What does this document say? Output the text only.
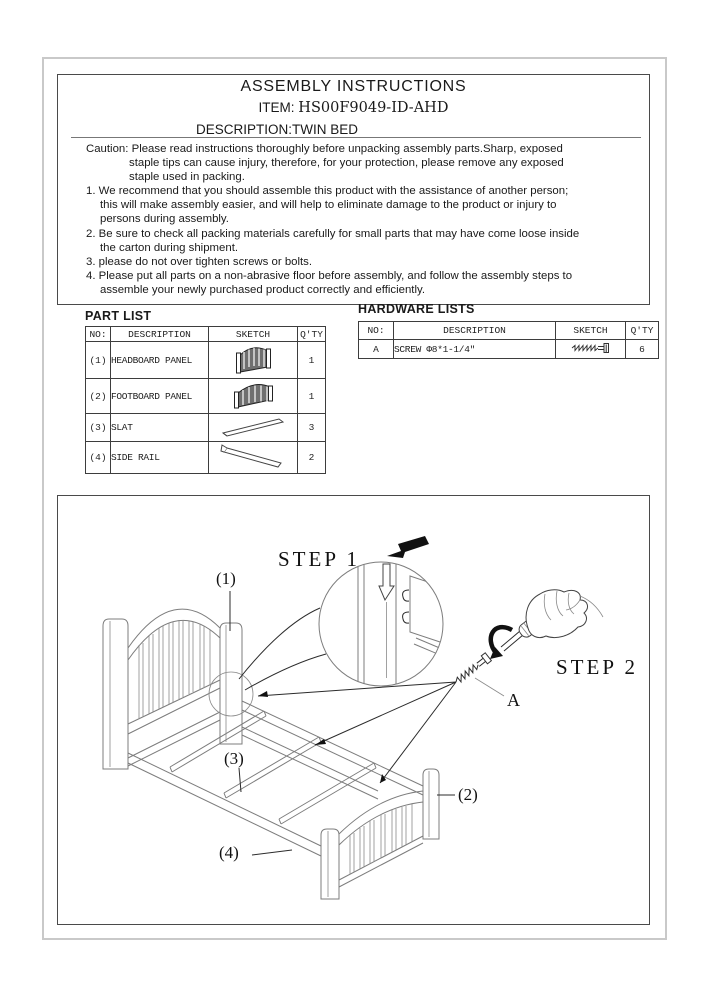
ASSEMBLY INSTRUCTIONS
ITEM: HS00F9049-ID-AHD
DESCRIPTION:TWIN BED
Caution: Please read instructions thoroughly before unpacking assembly parts.Sharp, exposed
staple tips can cause injury, therefore, for your protection, please remove any exposed
staple used in packing.
1. We recommend that you should assemble this product with the assistance of another person;
this will make assembly easier, and will help to eliminate damage to the product or injury to
persons during assembly.
2. Be sure to check all packing materials carefully for small parts that may have come loose inside
the carton during shipment.
3. please do not over tighten screws or bolts.
4. Please put all parts on a non-abrasive floor before assembly, and follow the assembly steps to
assemble your newly purchased product correctly and efficiently.
PART LIST
NO:	DESCRIPTION	SKETCH	Q'TY
(1)	HEADBOARD PANEL		1
(2)	FOOTBOARD PANEL		1
(3)	SLAT		3
(4)	SIDE RAIL		2
HARDWARE LISTS
NO:	DESCRIPTION	SKETCH	Q'TY
A	SCREW Φ8*1-1/4"		6
STEP 1
STEP 2
(1)
(3)
(2)
(4)
A
